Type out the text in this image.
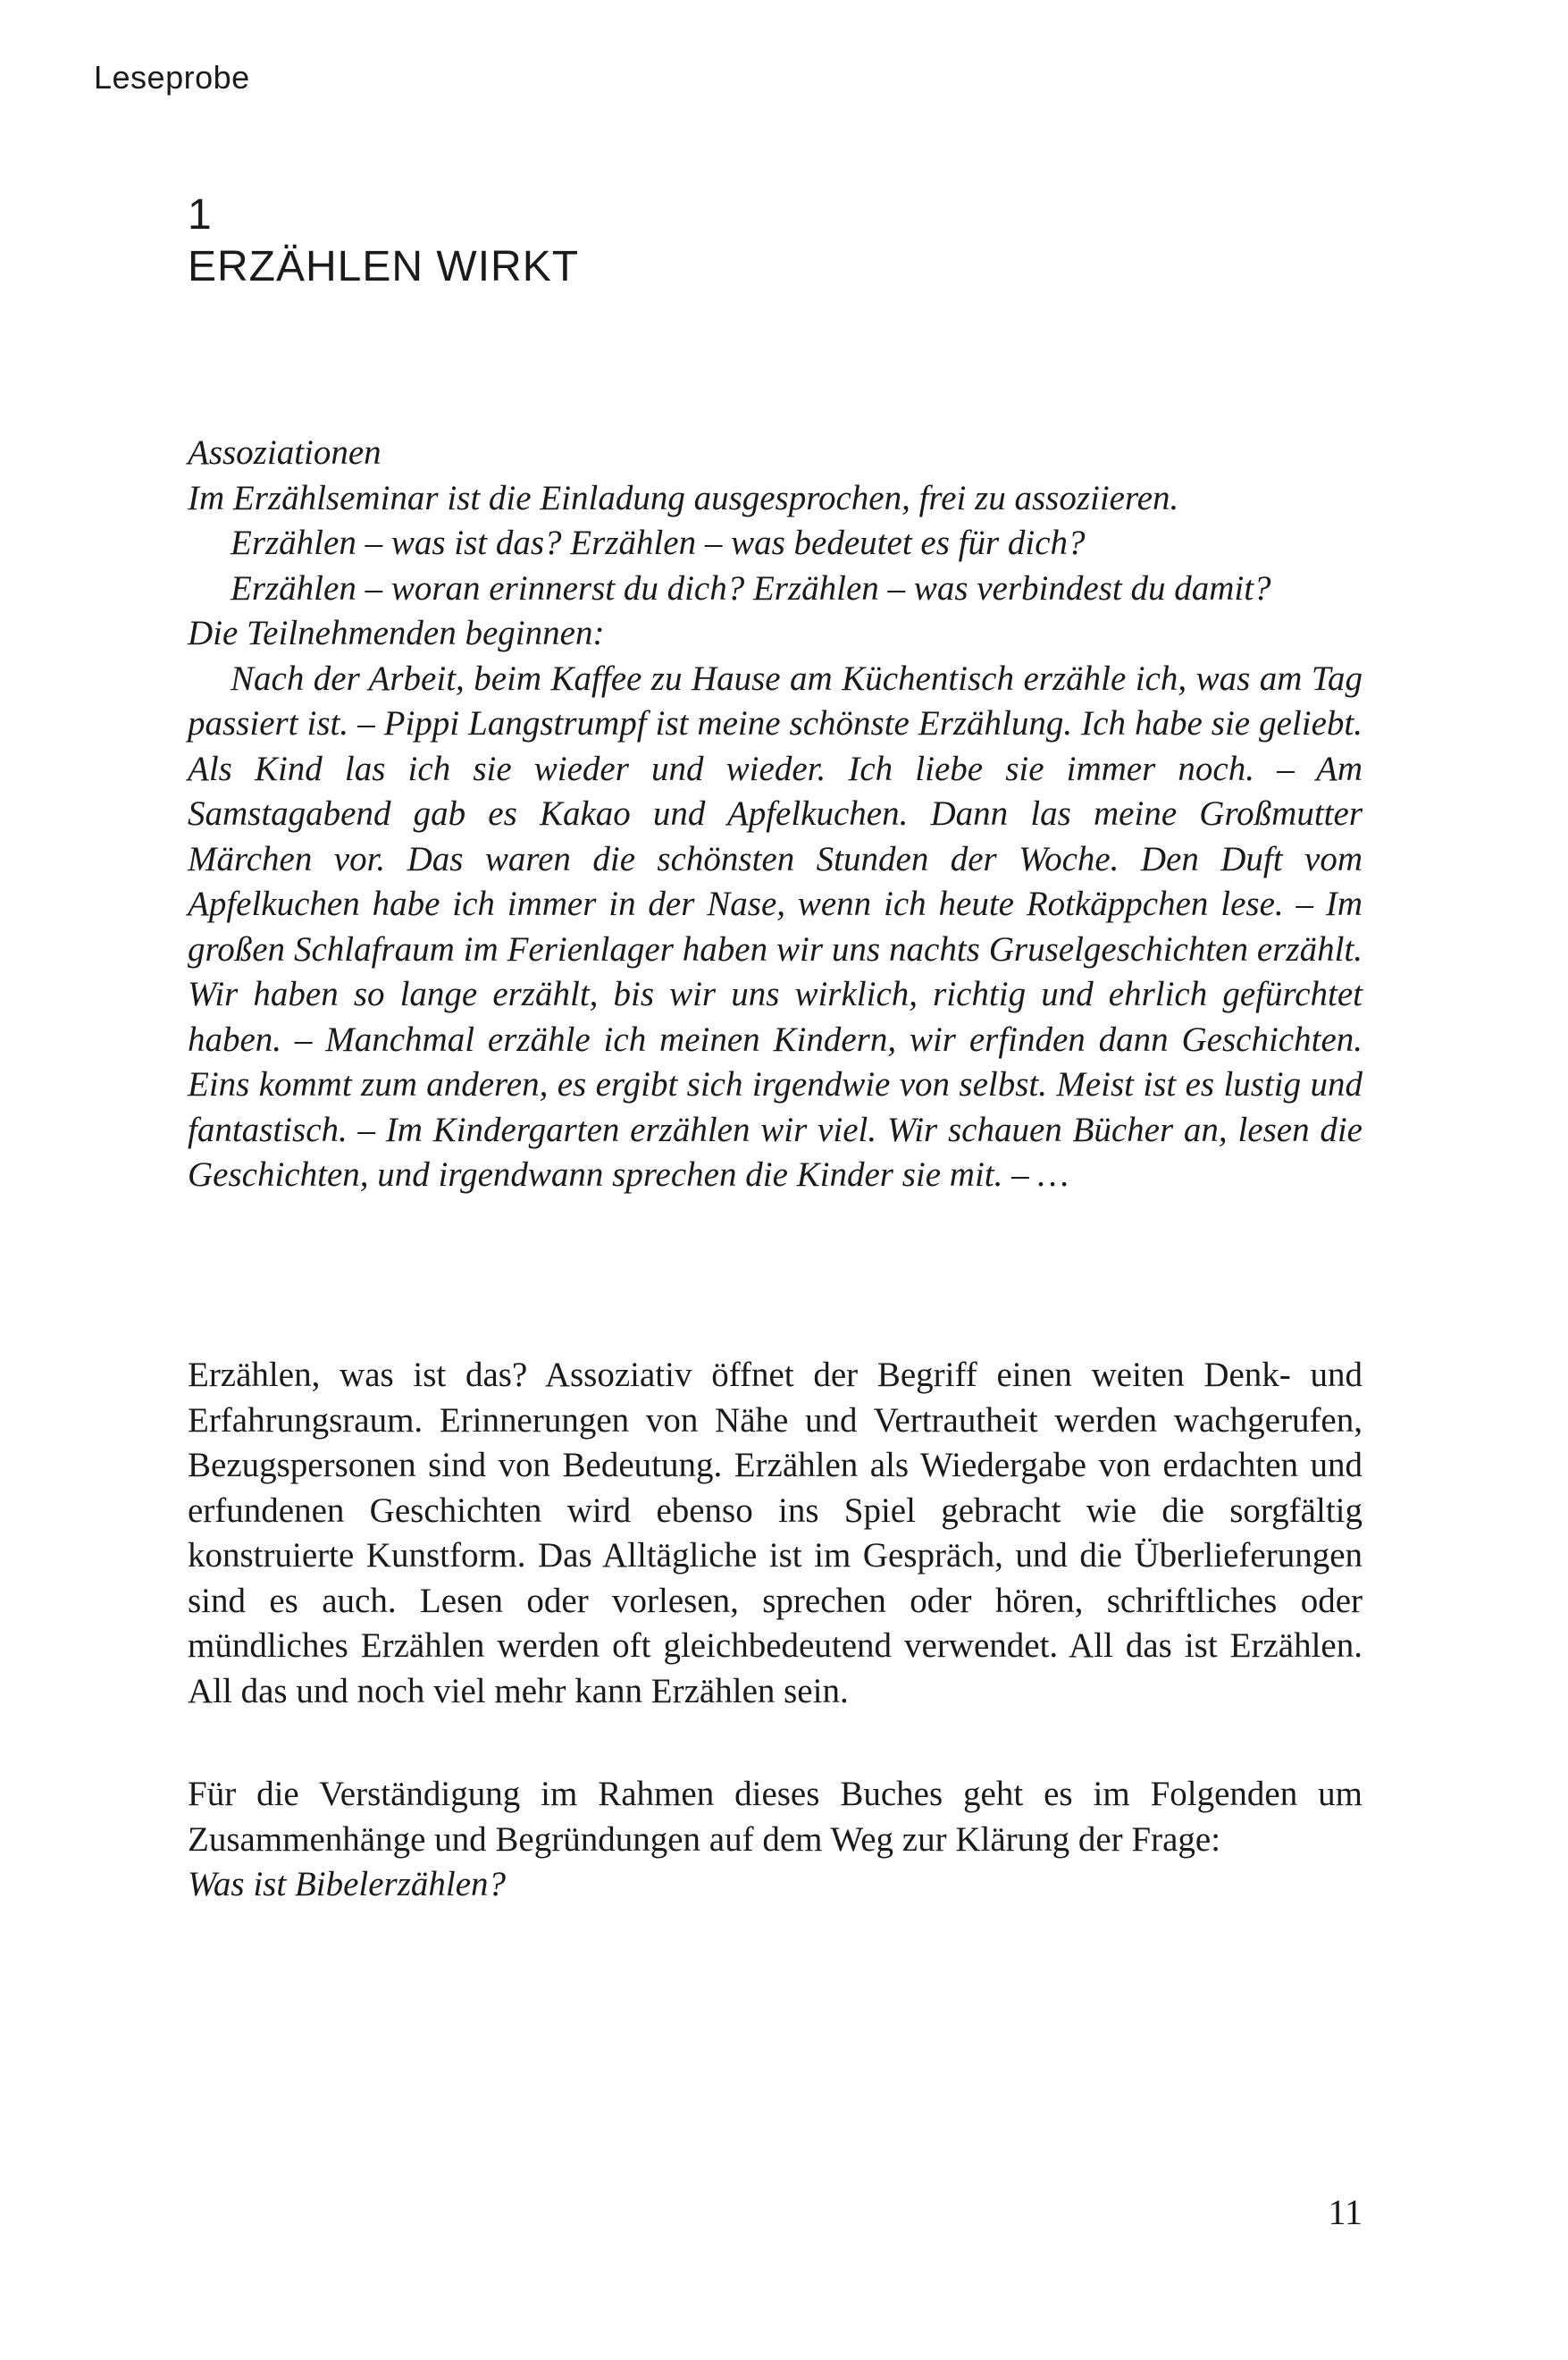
Leseprobe
1
ERZÄHLEN WIRKT

Assoziationen

Im Erzählseminar ist die Einladung ausgesprochen, frei zu assoziieren.

Erzählen – was ist das? Erzählen – was bedeutet es für dich?

Erzählen – woran erinnerst du dich? Erzählen – was verbindest du damit?

Die Teilnehmenden beginnen:

Nach der Arbeit, beim Kaffee zu Hause am Küchentisch erzähle ich, was am Tag passiert ist. – Pippi Langstrumpf ist meine schönste Erzählung. Ich habe sie geliebt. Als Kind las ich sie wieder und wieder. Ich liebe sie immer noch. – Am Samstagabend gab es Kakao und Apfelkuchen. Dann las meine Großmutter Märchen vor. Das waren die schönsten Stunden der Woche. Den Duft vom Apfelkuchen habe ich immer in der Nase, wenn ich heute Rotkäppchen lese. – Im großen Schlafraum im Ferienlager haben wir uns nachts Gruselgeschichten erzählt. Wir haben so lange erzählt, bis wir uns wirklich, richtig und ehrlich gefürchtet haben. – Manchmal erzähle ich meinen Kindern, wir erfinden dann Geschichten. Eins kommt zum anderen, es ergibt sich irgendwie von selbst. Meist ist es lustig und fantastisch. – Im Kindergarten erzählen wir viel. Wir schauen Bücher an, lesen die Geschichten, und irgendwann sprechen die Kinder sie mit. – …

Erzählen, was ist das? Assoziativ öffnet der Begriff einen weiten Denk- und Erfahrungsraum. Erinnerungen von Nähe und Vertrautheit werden wachgerufen, Bezugspersonen sind von Bedeutung. Erzählen als Wiedergabe von erdachten und erfundenen Geschichten wird ebenso ins Spiel gebracht wie die sorgfältig konstruierte Kunstform. Das Alltägliche ist im Gespräch, und die Überlieferungen sind es auch. Lesen oder vorlesen, sprechen oder hören, schriftliches oder mündliches Erzählen werden oft gleichbedeutend verwendet. All das ist Erzählen. All das und noch viel mehr kann Erzählen sein.

Für die Verständigung im Rahmen dieses Buches geht es im Folgenden um Zusammenhänge und Begründungen auf dem Weg zur Klärung der Frage:

Was ist Bibelerzählen?

11
